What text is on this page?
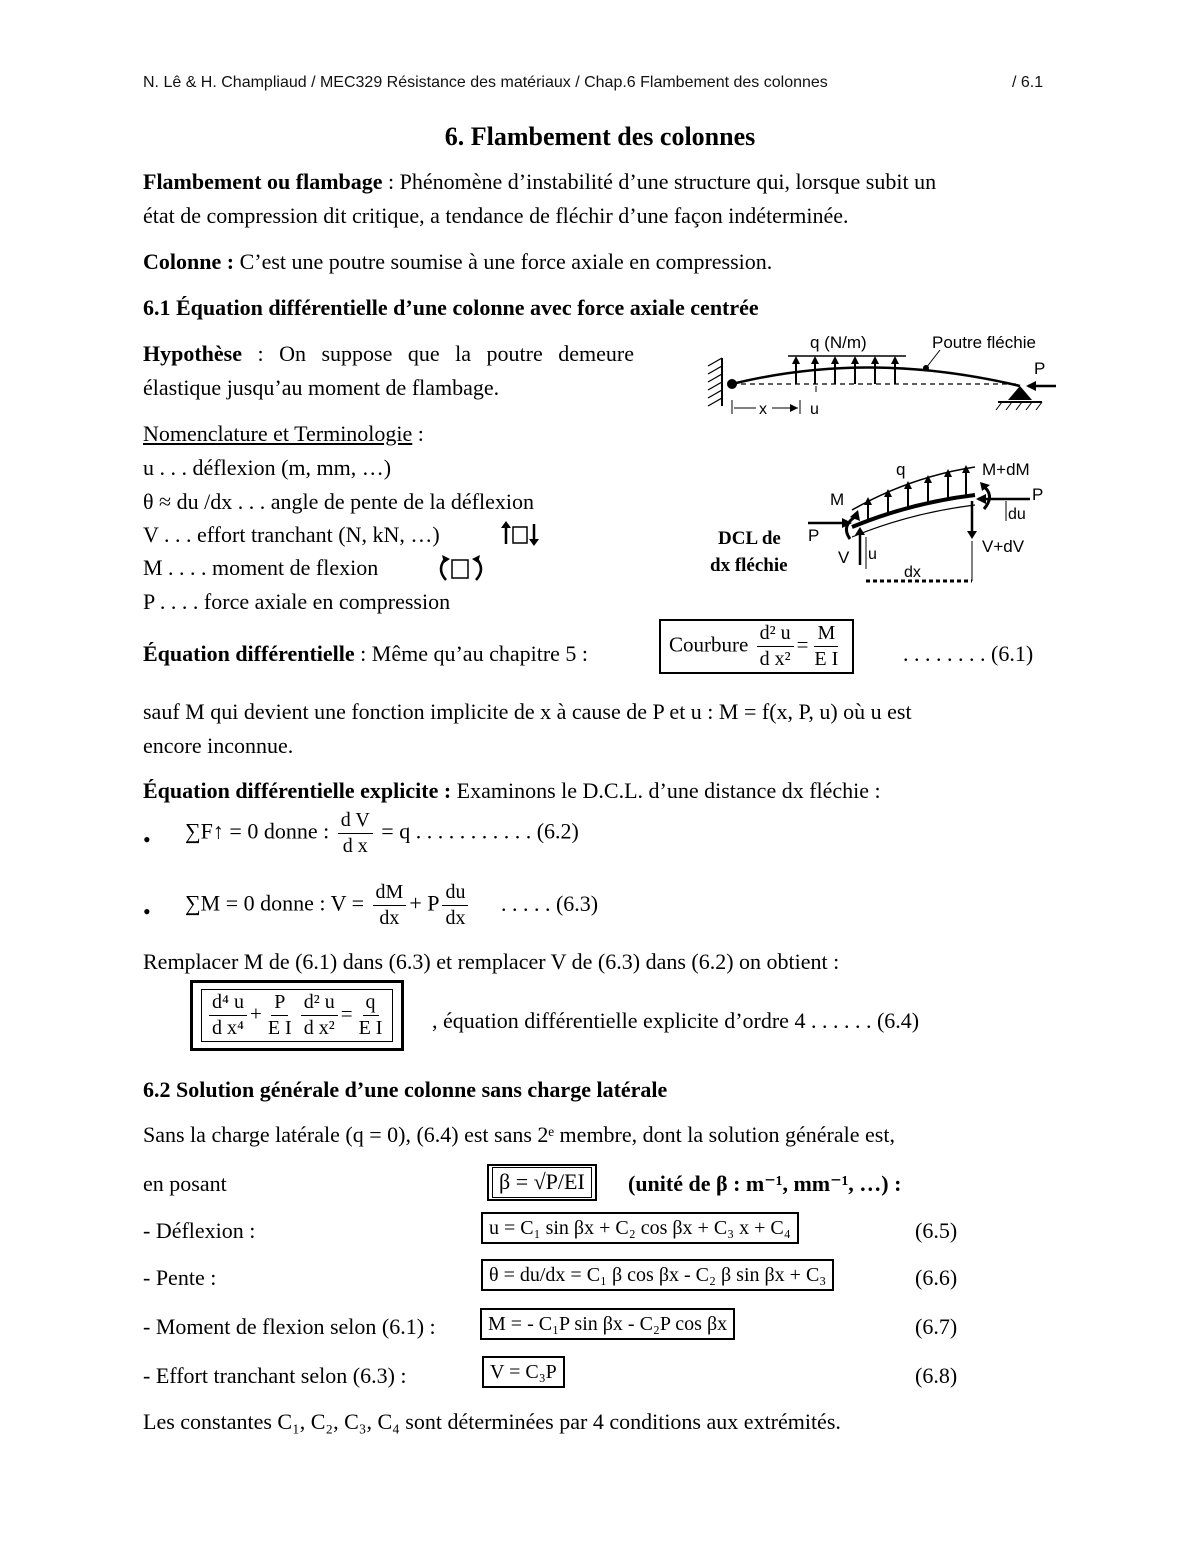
N. Lê & H. Champliaud / MEC329 Résistance des matériaux / Chap.6 Flambement des colonnes	/ 6.1
6. Flambement des colonnes
Flambement ou flambage : Phénomène d’instabilité d’une structure qui, lorsque subit un
état de compression dit critique, a tendance de fléchir d’une façon indéterminée.
Colonne : C’est une poutre soumise à une force axiale en compression.
6.1 Équation différentielle d’une colonne avec force axiale centrée
Hypothèse : On suppose que la poutre demeure
élastique jusqu’au moment de flambage.
Nomenclature et Terminologie :
u . . . déflexion (m, mm, …)
θ ≈ du /dx . . . angle de pente de la déflexion
V . . . effort tranchant (N, kN, …)
M . . . . moment de flexion
P . . . . force axiale en compression
q (N/m)	Poutre fléchie
P
x	u
q	M+dM
M
P
P
du
V u	V+dV
dx
DCL de
dx fléchie
Équation différentielle : Même qu’au chapitre 5 :	Courbure $\frac{\text{d² u}}{\text{d x²}} = \frac{M}{\text{E I}}$	. . . . . . . . (6.1)
sauf M qui devient une fonction implicite de x à cause de P et u : M = f(x, P, u) où u est
encore inconnue.
Équation différentielle explicite : Examinons le D.C.L. d’une distance dx fléchie :
• ∑F↑ = 0 donne : $\frac{\text{d V}}{\text{d x}} = q$ . . . . . . . . . . . (6.2)
• ∑M = 0 donne : $V = \frac{dM}{dx} + P \frac{du}{dx}$ . . . . . (6.3)
Remplacer M de (6.1) dans (6.3) et remplacer V de (6.3) dans (6.2) on obtient :
$\frac{\text{d⁴ u}}{\text{d x⁴}} + \frac{P}{\text{E I}} \frac{\text{d² u}}{\text{d x²}} = \frac{q}{\text{E I}}$ , équation différentielle explicite d’ordre 4 . . . . . . (6.4)
6.2 Solution générale d’une colonne sans charge latérale
Sans la charge latérale (q = 0), (6.4) est sans 2ᵉ membre, dont la solution générale est,
en posant	β = √P/EI	(unité de β : m⁻¹, mm⁻¹, …) :
- Déflexion :	u = C₁ sin βx + C₂ cos βx + C₃ x + C₄	(6.5)
- Pente :	θ = du/dx = C₁ β cos βx - C₂ β sin βx + C₃	(6.6)
- Moment de flexion selon (6.1) :	M = - C₁P sin βx - C₂P cos βx	(6.7)
- Effort tranchant selon (6.3) :	V = C₃P	(6.8)
Les constantes C₁, C₂, C₃, C₄ sont déterminées par 4 conditions aux extrémités.
